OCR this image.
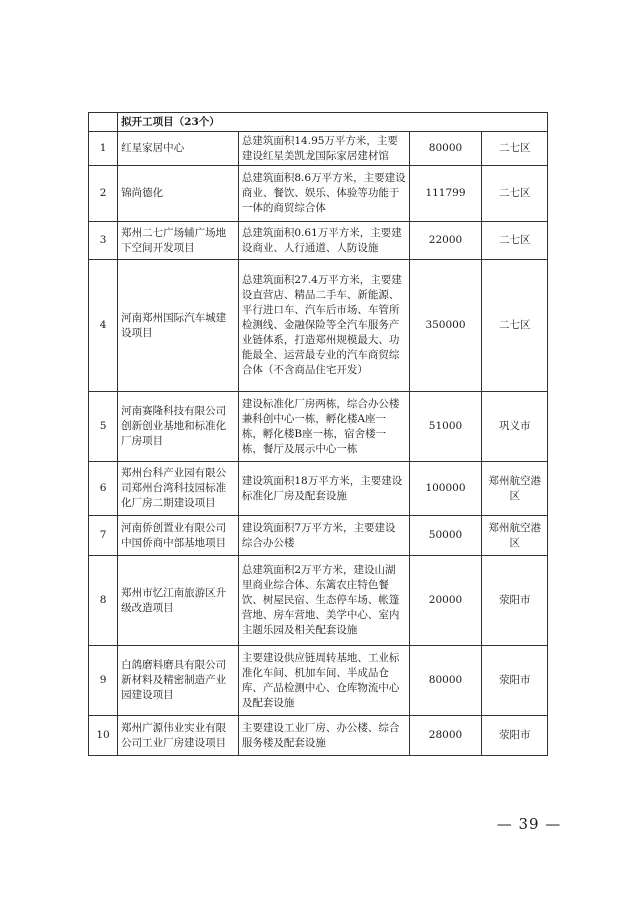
	拟开工项目（23个）			
1	红星家居中心	总建筑面积14.95万平方米，主要建设红星美凯龙国际家居建材馆	80000	二七区
2	锦尚德化	总建筑面积8.6万平方米，主要建设商业、餐饮、娱乐、体验等功能于一体的商贸综合体	111799	二七区
3	郑州二七广场辅广场地下空间开发项目	总建筑面积0.61万平方米，主要建设商业、人行通道、人防设施	22000	二七区
4	河南郑州国际汽车城建设项目	总建筑面积27.4万平方米，主要建设直营店、精品二手车、新能源、平行进口车、汽车后市场、车管所检测线、金融保险等全汽车服务产业链体系，打造郑州规模最大、功能最全、运营最专业的汽车商贸综合体（不含商品住宅开发）	350000	二七区
5	河南赛隆科技有限公司创新创业基地和标准化厂房项目	建设标准化厂房两栋，综合办公楼兼科创中心一栋，孵化楼A座一栋，孵化楼B座一栋，宿舍楼一栋，餐厅及展示中心一栋	51000	巩义市
6	郑州台科产业园有限公司郑州台湾科技园标准化厂房二期建设项目	建设筑面积18万平方米，主要建设标准化厂房及配套设施	100000	郑州航空港区
7	河南侨创置业有限公司中国侨商中部基地项目	建设筑面积7万平方米，主要建设综合办公楼	50000	郑州航空港区
8	郑州市忆江南旅游区升级改造项目	总建筑面积2万平方米，建设山湖里商业综合体、东篱农庄特色餐饮、树屋民宿、生态停车场、帐篷营地、房车营地、美学中心、室内主题乐园及相关配套设施	20000	荥阳市
9	白鸽磨料磨具有限公司新材料及精密制造产业园建设项目	主要建设供应链周转基地、工业标准化车间、机加车间、半成品仓库、产品检测中心、仓库物流中心及配套设施	80000	荥阳市
10	郑州广源伟业实业有限公司工业厂房建设项目	主要建设工业厂房、办公楼、综合服务楼及配套设施	28000	荥阳市
— 39 —
